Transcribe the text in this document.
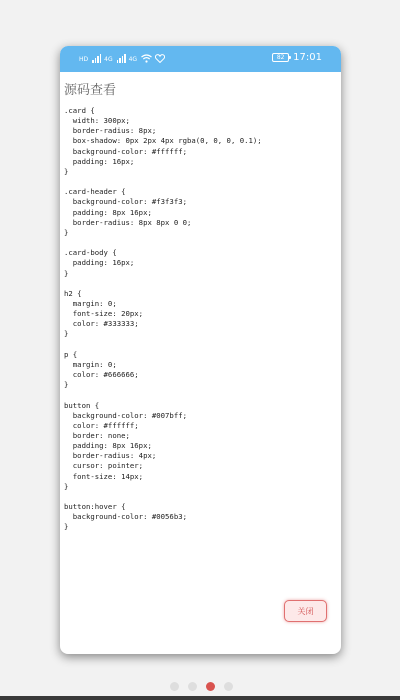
HD	4G	4G	82 17:01
源码查看
.card {
width: 300px;
border-radius: 8px;
box-shadow: 0px 2px 4px rgba(0, 0, 0, 0.1);
background-color: #ffffff;
padding: 16px;
}

.card-header {
background-color: #f3f3f3;
padding: 8px 16px;
border-radius: 8px 8px 0 0;
}

.card-body {
padding: 16px;
}

h2 {
margin: 0;
font-size: 20px;
color: #333333;
}

p {
margin: 0;
color: #666666;
}

button {
background-color: #007bff;
color: #ffffff;
border: none;
padding: 8px 16px;
border-radius: 4px;
cursor: pointer;
font-size: 14px;
}

button:hover {
background-color: #0056b3;
}
关闭
